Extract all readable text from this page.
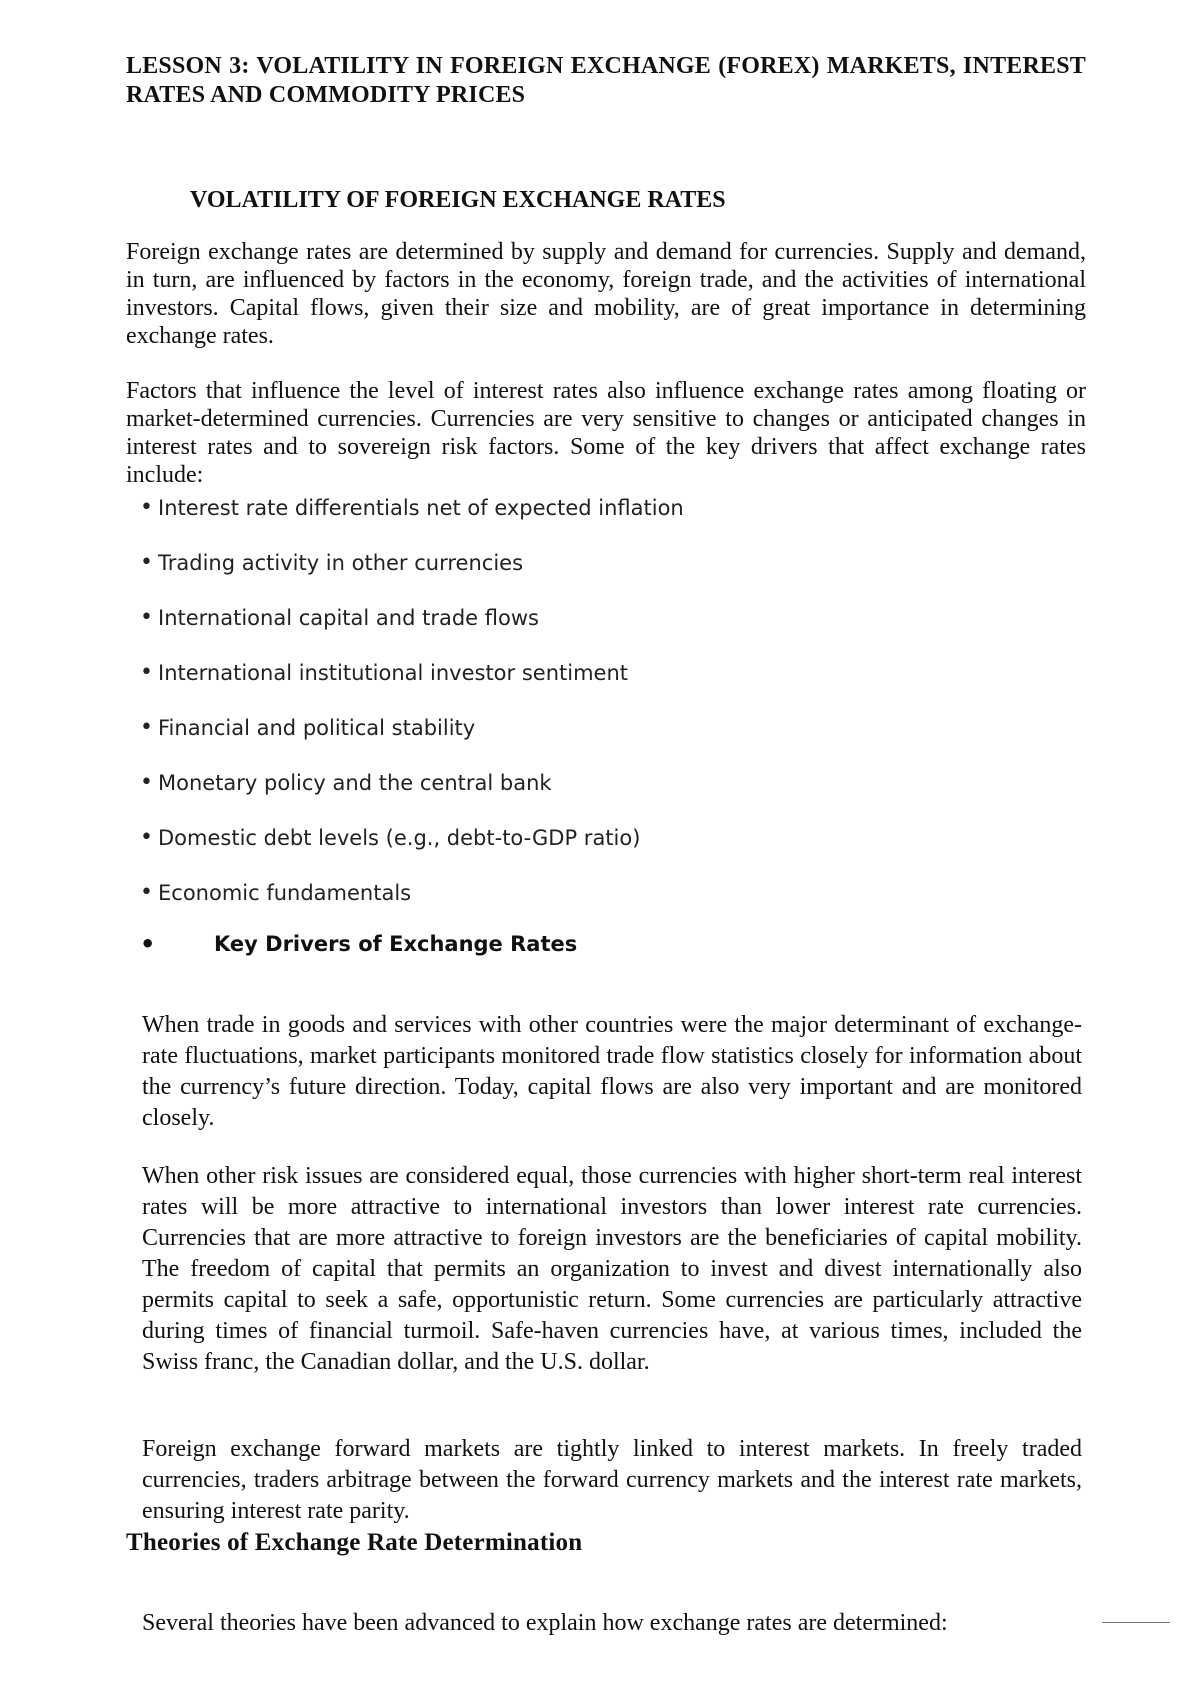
LESSON 3: VOLATILITY IN FOREIGN EXCHANGE (FOREX) MARKETS, INTEREST RATES AND COMMODITY PRICES
VOLATILITY OF FOREIGN EXCHANGE RATES

Foreign exchange rates are determined by supply and demand for currencies. Supply and demand, in turn, are influenced by factors in the economy, foreign trade, and the activities of international investors. Capital flows, given their size and mobility, are of great importance in determining exchange rates.

Factors that influence the level of interest rates also influence exchange rates among floating or market-determined currencies. Currencies are very sensitive to changes or anticipated changes in interest rates and to sovereign risk factors. Some of the key drivers that affect exchange rates include:

• Interest rate differentials net of expected inflation
• Trading activity in other currencies
• International capital and trade flows
• International institutional investor sentiment
• Financial and political stability
• Monetary policy and the central bank
• Domestic debt levels (e.g., debt-to-GDP ratio)
• Economic fundamentals
•	Key Drivers of Exchange Rates

When trade in goods and services with other countries were the major determinant of exchange-rate fluctuations, market participants monitored trade flow statistics closely for information about the currency’s future direction. Today, capital flows are also very important and are monitored closely.

When other risk issues are considered equal, those currencies with higher short-term real interest rates will be more attractive to international investors than lower interest rate currencies. Currencies that are more attractive to foreign investors are the beneficiaries of capital mobility. The freedom of capital that permits an organization to invest and divest internationally also permits capital to seek a safe, opportunistic return. Some currencies are particularly attractive during times of financial turmoil. Safe-haven currencies have, at various times, included the Swiss franc, the Canadian dollar, and the U.S. dollar.

Foreign exchange forward markets are tightly linked to interest markets. In freely traded currencies, traders arbitrage between the forward currency markets and the interest rate markets, ensuring interest rate parity.

Theories of Exchange Rate Determination

Several theories have been advanced to explain how exchange rates are determined:
